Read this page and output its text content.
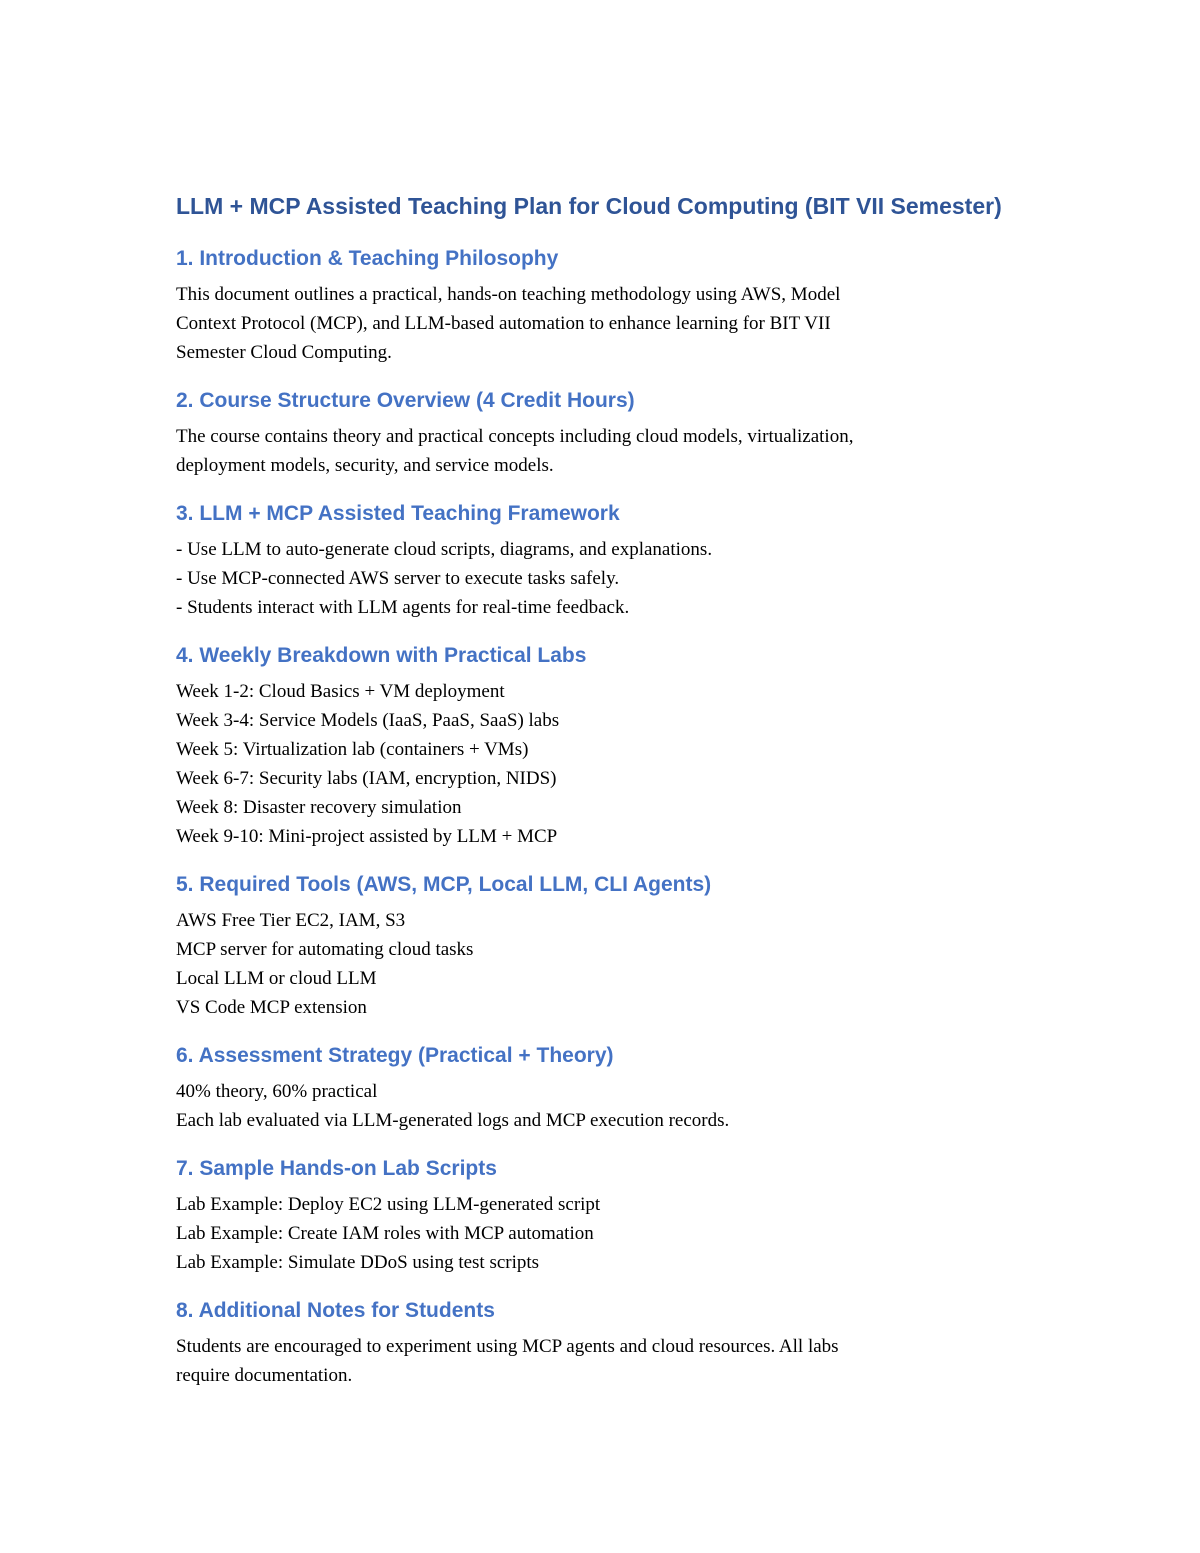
LLM + MCP Assisted Teaching Plan for Cloud Computing (BIT VII Semester)
1. Introduction & Teaching Philosophy
This document outlines a practical, hands-on teaching methodology using AWS, Model
Context Protocol (MCP), and LLM-based automation to enhance learning for BIT VII
Semester Cloud Computing.
2. Course Structure Overview (4 Credit Hours)
The course contains theory and practical concepts including cloud models, virtualization,
deployment models, security, and service models.
3. LLM + MCP Assisted Teaching Framework
- Use LLM to auto-generate cloud scripts, diagrams, and explanations.
- Use MCP-connected AWS server to execute tasks safely.
- Students interact with LLM agents for real-time feedback.
4. Weekly Breakdown with Practical Labs
Week 1-2: Cloud Basics + VM deployment
Week 3-4: Service Models (IaaS, PaaS, SaaS) labs
Week 5: Virtualization lab (containers + VMs)
Week 6-7: Security labs (IAM, encryption, NIDS)
Week 8: Disaster recovery simulation
Week 9-10: Mini-project assisted by LLM + MCP
5. Required Tools (AWS, MCP, Local LLM, CLI Agents)
AWS Free Tier EC2, IAM, S3
MCP server for automating cloud tasks
Local LLM or cloud LLM
VS Code MCP extension
6. Assessment Strategy (Practical + Theory)
40% theory, 60% practical
Each lab evaluated via LLM-generated logs and MCP execution records.
7. Sample Hands-on Lab Scripts
Lab Example: Deploy EC2 using LLM-generated script
Lab Example: Create IAM roles with MCP automation
Lab Example: Simulate DDoS using test scripts
8. Additional Notes for Students
Students are encouraged to experiment using MCP agents and cloud resources. All labs
require documentation.
